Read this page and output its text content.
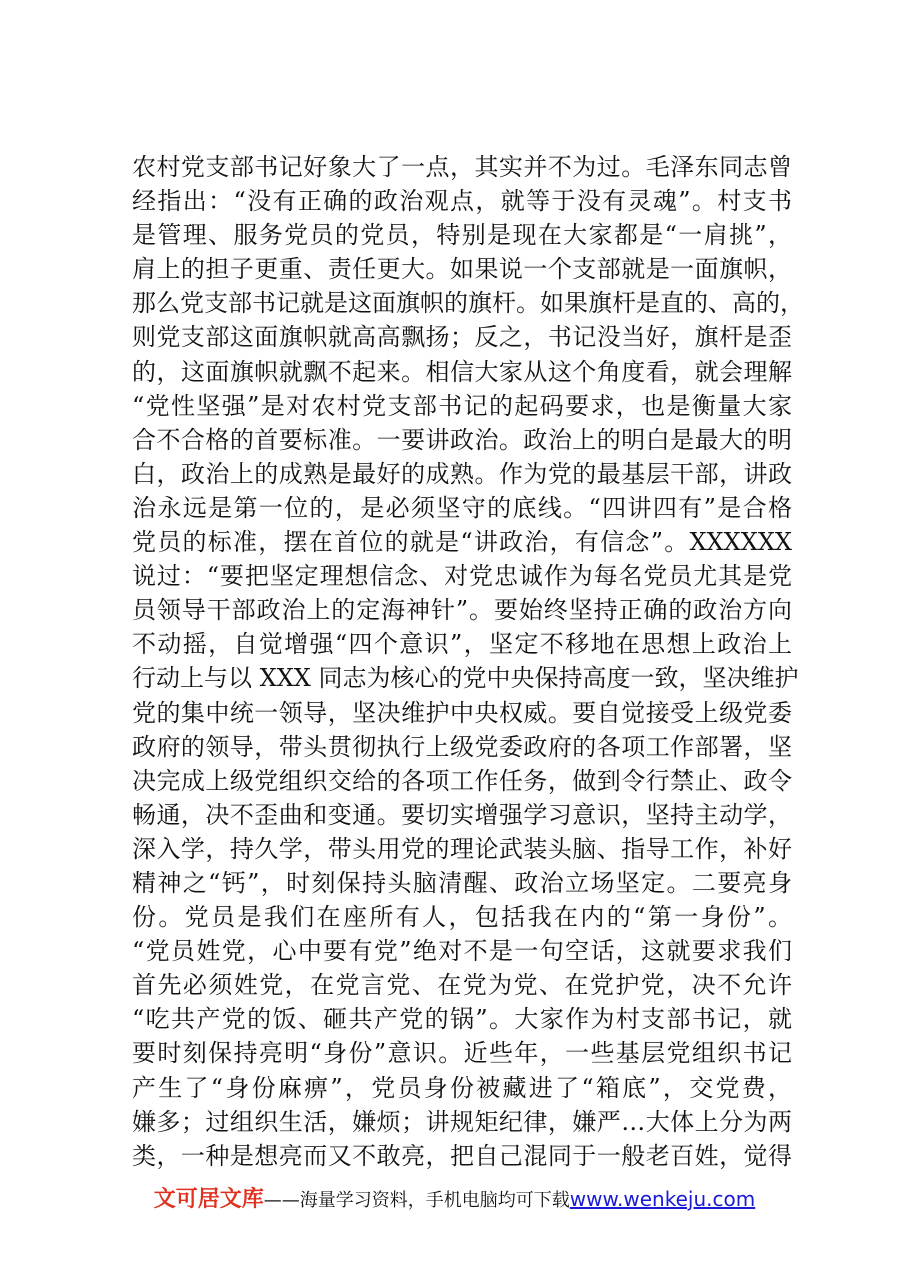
农村党支部书记好象大了一点，其实并不为过。毛泽东同志曾
经指出：“没有正确的政治观点，就等于没有灵魂”。村支书
是管理、服务党员的党员，特别是现在大家都是“一肩挑”，
肩上的担子更重、责任更大。如果说一个支部就是一面旗帜，
那么党支部书记就是这面旗帜的旗杆。如果旗杆是直的、高的，
则党支部这面旗帜就高高飘扬；反之，书记没当好，旗杆是歪
的，这面旗帜就飘不起来。相信大家从这个角度看，就会理解
“党性坚强”是对农村党支部书记的起码要求，也是衡量大家
合不合格的首要标准。一要讲政治。政治上的明白是最大的明
白，政治上的成熟是最好的成熟。作为党的最基层干部，讲政
治永远是第一位的，是必须坚守的底线。“四讲四有”是合格
党员的标准，摆在首位的就是“讲政治，有信念”。XXXXXX
说过：“要把坚定理想信念、对党忠诚作为每名党员尤其是党
员领导干部政治上的定海神针”。要始终坚持正确的政治方向
不动摇，自觉增强“四个意识”，坚定不移地在思想上政治上
行动上与以 XXX 同志为核心的党中央保持高度一致，坚决维护
党的集中统一领导，坚决维护中央权威。要自觉接受上级党委
政府的领导，带头贯彻执行上级党委政府的各项工作部署，坚
决完成上级党组织交给的各项工作任务，做到令行禁止、政令
畅通，决不歪曲和变通。要切实增强学习意识，坚持主动学，
深入学，持久学，带头用党的理论武装头脑、指导工作，补好
精神之“钙”，时刻保持头脑清醒、政治立场坚定。二要亮身
份。党员是我们在座所有人，包括我在内的“第一身份”。
“党员姓党，心中要有党”绝对不是一句空话，这就要求我们
首先必须姓党，在党言党、在党为党、在党护党，决不允许
“吃共产党的饭、砸共产党的锅”。大家作为村支部书记，就
要时刻保持亮明“身份”意识。近些年，一些基层党组织书记
产生了“身份麻痹”，党员身份被藏进了“箱底”，交党费，
嫌多；过组织生活，嫌烦；讲规矩纪律，嫌严…大体上分为两
类，一种是想亮而又不敢亮，把自己混同于一般老百姓，觉得
文可居文库——海量学习资料，手机电脑均可下载www.wenkeju.com
